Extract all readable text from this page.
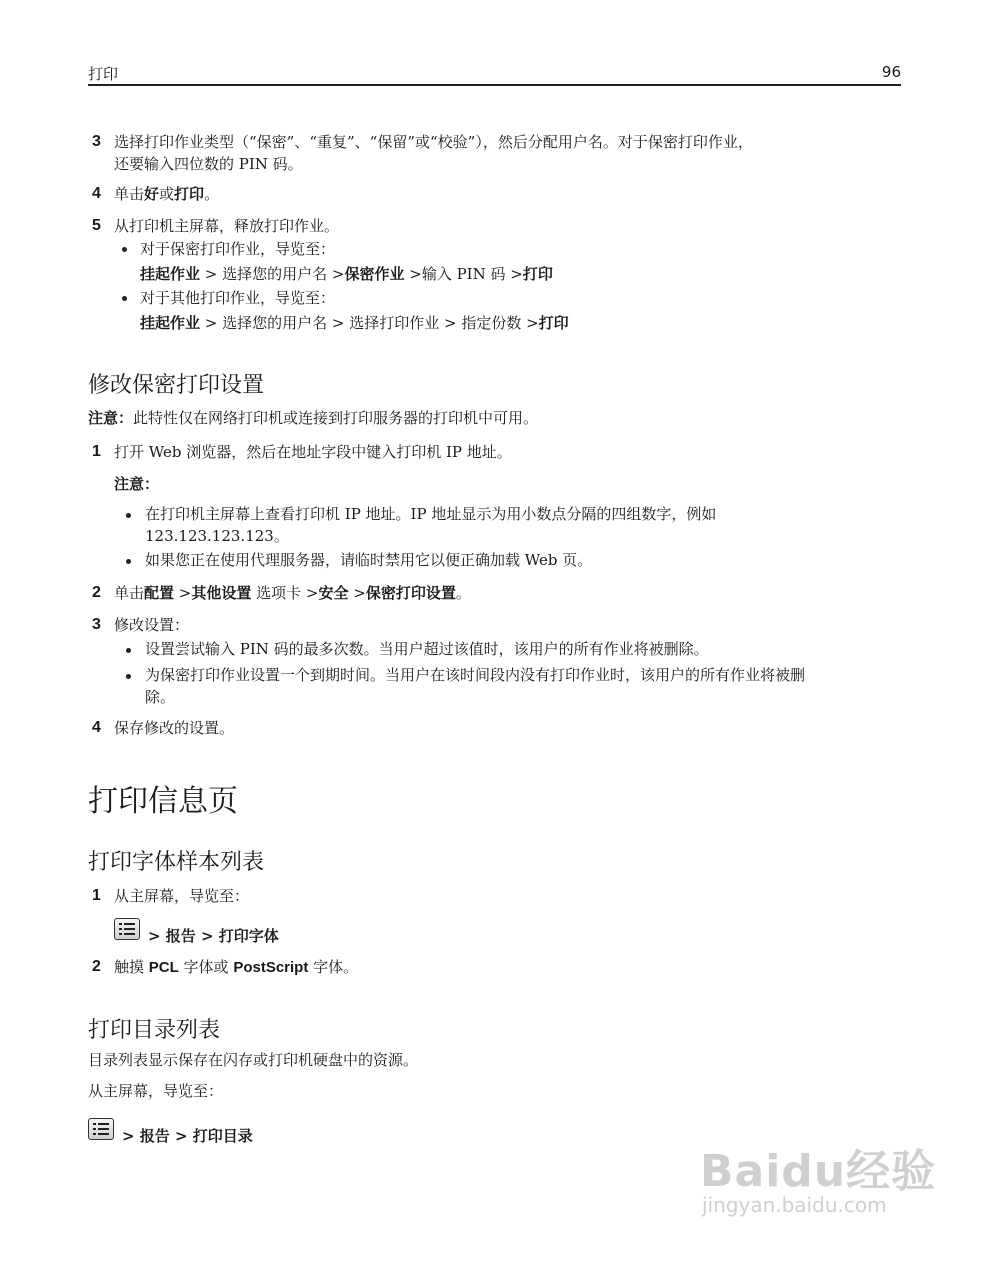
打印	96
3 选择打印作业类型（“保密”、“重复”、“保留”或“校验”），然后分配用户名。对于保密打印作业，
还要输入四位数的 PIN 码。
4 单击好或打印。
5 从打印机主屏幕，释放打印作业。
对于保密打印作业，导览至：
挂起作业 > 选择您的用户名 >保密作业 >输入 PIN 码 >打印
对于其他打印作业，导览至：
挂起作业 > 选择您的用户名 > 选择打印作业 > 指定份数 >打印
修改保密打印设置
注意：此特性仅在网络打印机或连接到打印服务器的打印机中可用。
1 打开 Web 浏览器，然后在地址字段中键入打印机 IP 地址。
注意：
在打印机主屏幕上查看打印机 IP 地址。IP 地址显示为用小数点分隔的四组数字，例如
123.123.123.123。
如果您正在使用代理服务器，请临时禁用它以便正确加载 Web 页。
2 单击配置 >其他设置 选项卡 >安全 >保密打印设置。
3 修改设置：
设置尝试输入 PIN 码的最多次数。当用户超过该值时，该用户的所有作业将被删除。
为保密打印作业设置一个到期时间。当用户在该时间段内没有打印作业时，该用户的所有作业将被删
除。
4 保存修改的设置。
打印信息页
打印字体样本列表
1 从主屏幕，导览至：
> 报告 > 打印字体
2 触摸 PCL 字体或 PostScript 字体。
打印目录列表
目录列表显示保存在闪存或打印机硬盘中的资源。
从主屏幕，导览至：
> 报告 > 打印目录
Baidu经验
jingyan.baidu.com
